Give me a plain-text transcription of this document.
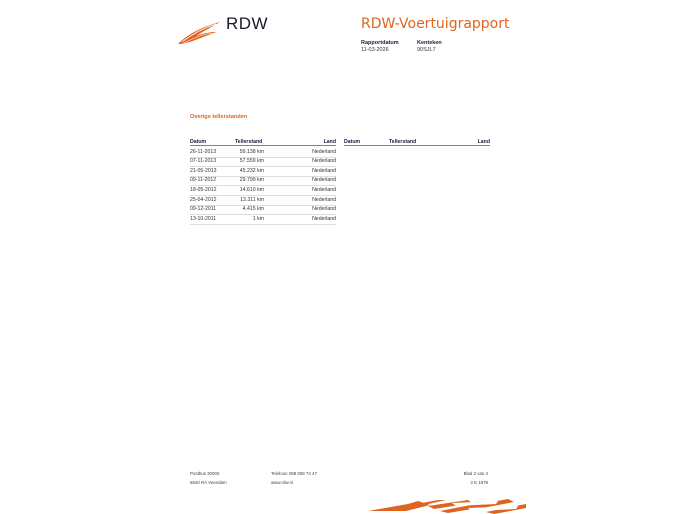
RDW	RDW-Voertuigrapport
Rapportdatum
11-03-2026
Kenteken
90SJL7
Overige tellerstanden
Datum	Tellerstand	Land
26-11-2013	59.138 km	Nederland
07-11-2013	57.559 km	Nederland
21-05-2013	45.232 km	Nederland
09-11-2012	29.799 km	Nederland
18-05-2012	14.610 km	Nederland
25-04-2012	13.311 km	Nederland
09-12-2011	4.415 km	Nederland
13-10-2011	1 km	Nederland
Datum	Tellerstand	Land
Postbus 30000
9640 RA Veendam
Telefoon 088 008 74 47
www.rdw.nl
Blad 2 van 4
3 E 1878
